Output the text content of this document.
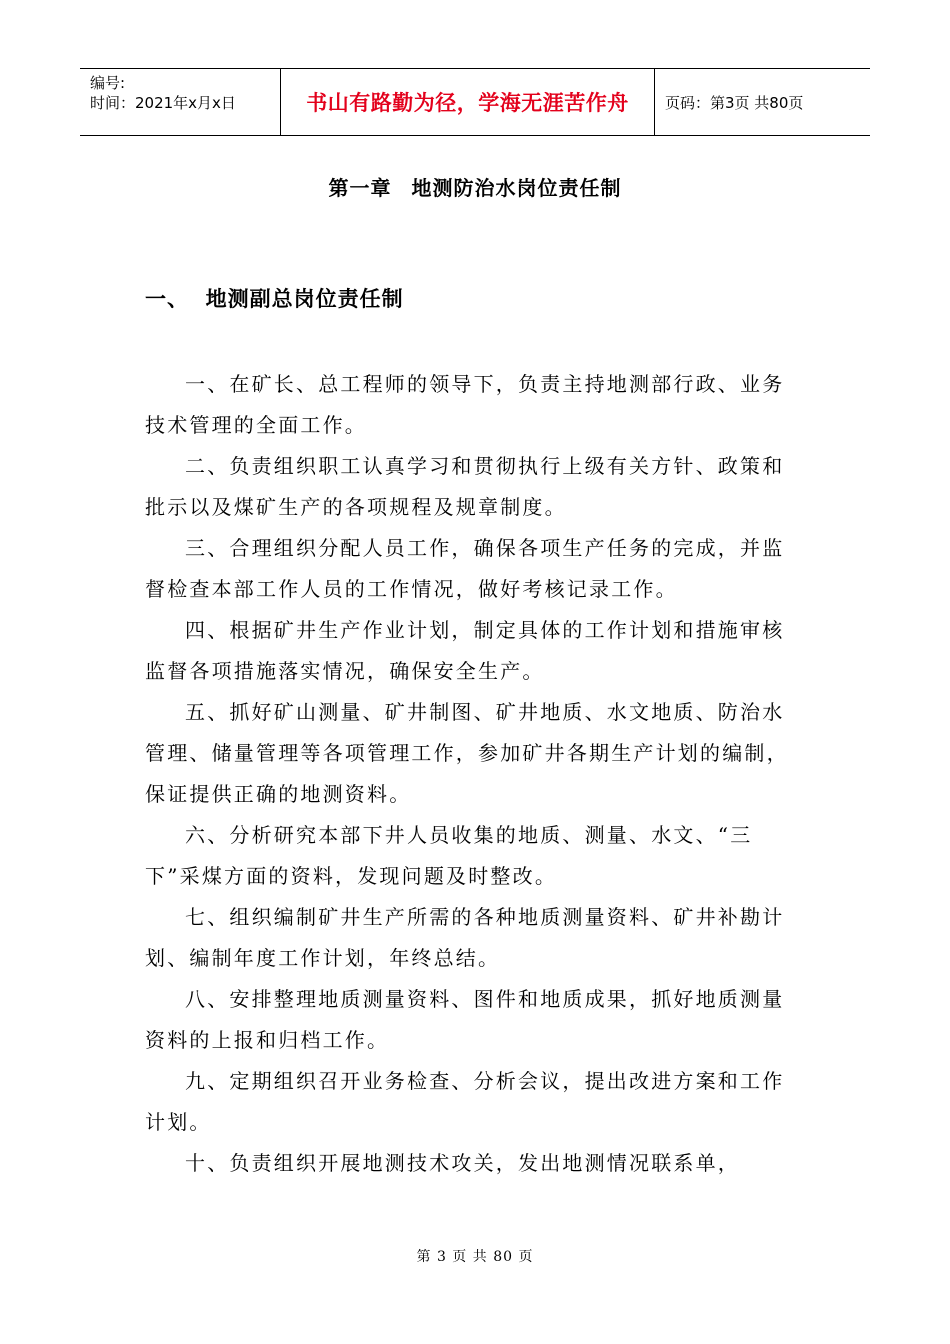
编号:
时间：2021年x月x日	书山有路勤为径，学海无涯苦作舟	页码：第3页 共80页
第一章 地测防治水岗位责任制
一、  地测副总岗位责任制

一、在矿长、总工程师的领导下，负责主持地测部行政、业务技术管理的全面工作。

二、负责组织职工认真学习和贯彻执行上级有关方针、政策和批示以及煤矿生产的各项规程及规章制度。

三、合理组织分配人员工作，确保各项生产任务的完成，并监督检查本部工作人员的工作情况，做好考核记录工作。

四、根据矿井生产作业计划，制定具体的工作计划和措施审核监督各项措施落实情况，确保安全生产。

五、抓好矿山测量、矿井制图、矿井地质、水文地质、防治水管理、储量管理等各项管理工作，参加矿井各期生产计划的编制，保证提供正确的地测资料。

六、分析研究本部下井人员收集的地质、测量、水文、“三下”采煤方面的资料，发现问题及时整改。

七、组织编制矿井生产所需的各种地质测量资料、矿井补勘计划、编制年度工作计划，年终总结。

八、安排整理地质测量资料、图件和地质成果，抓好地质测量资料的上报和归档工作。

九、定期组织召开业务检查、分析会议，提出改进方案和工作计划。

十、负责组织开展地测技术攻关，发出地测情况联系单，

第 3 页 共 80 页
